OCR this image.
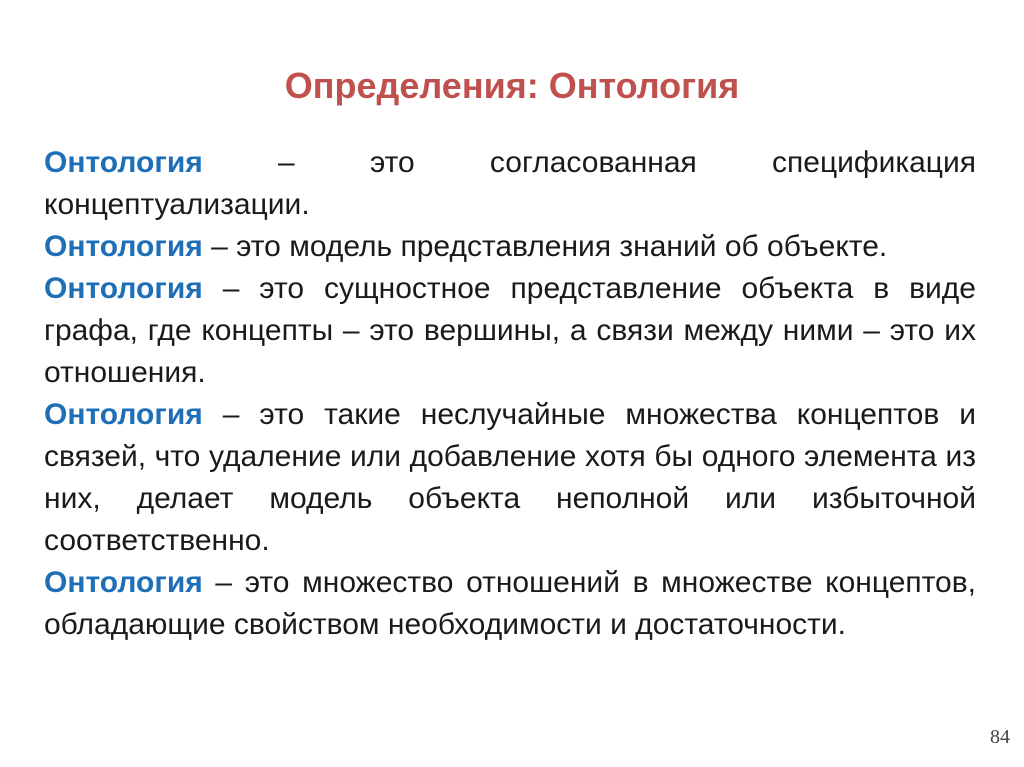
Определения: Онтология

Онтология – это согласованная спецификация концептуализации.

Онтология – это модель представления знаний об объекте.

Онтология – это сущностное представление объекта в виде графа, где концепты – это вершины, а связи между ними – это их отношения.

Онтология – это такие неслучайные множества концептов и связей, что удаление или добавление хотя бы одного элемента из них, делает модель объекта неполной или избыточной соответственно.

Онтология – это множество отношений в множестве концептов, обладающие свойством необходимости и достаточности.

84
